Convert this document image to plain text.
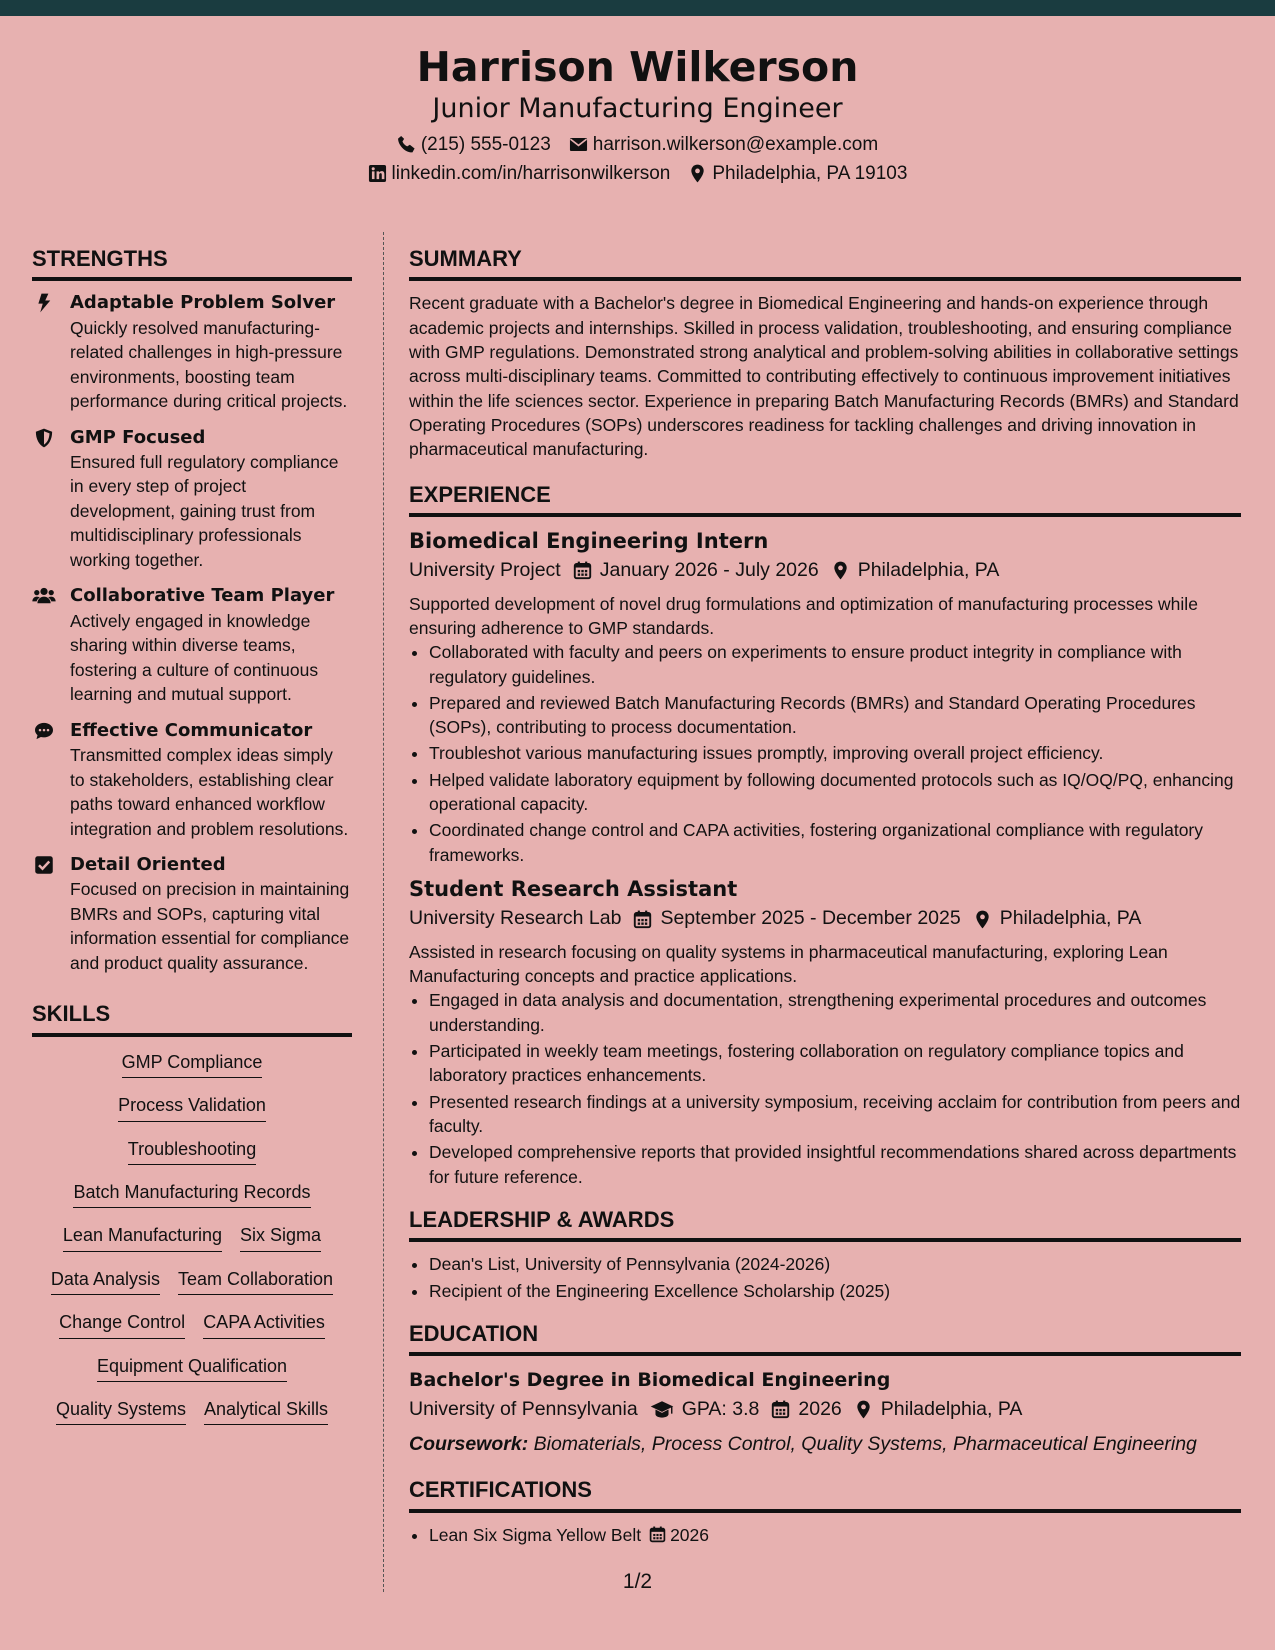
Harrison Wilkerson
Junior Manufacturing Engineer
(215) 555-0123 harrison.wilkerson@example.com
linkedin.com/in/harrisonwilkerson Philadelphia, PA 19103
STRENGTHS
Adaptable Problem Solver
Quickly resolved manufacturing-related challenges in high-pressure environments, boosting team performance during critical projects.
GMP Focused
Ensured full regulatory compliance in every step of project development, gaining trust from multidisciplinary professionals working together.
Collaborative Team Player
Actively engaged in knowledge sharing within diverse teams, fostering a culture of continuous learning and mutual support.
Effective Communicator
Transmitted complex ideas simply to stakeholders, establishing clear paths toward enhanced workflow integration and problem resolutions.
Detail Oriented
Focused on precision in maintaining BMRs and SOPs, capturing vital information essential for compliance and product quality assurance.
SKILLS
GMP Compliance
Process Validation
Troubleshooting
Batch Manufacturing Records
Lean Manufacturing Six Sigma
Data Analysis Team Collaboration
Change Control CAPA Activities
Equipment Qualification
Quality Systems Analytical Skills
SUMMARY
Recent graduate with a Bachelor's degree in Biomedical Engineering and hands-on experience through academic projects and internships. Skilled in process validation, troubleshooting, and ensuring compliance with GMP regulations. Demonstrated strong analytical and problem-solving abilities in collaborative settings across multi-disciplinary teams. Committed to contributing effectively to continuous improvement initiatives within the life sciences sector. Experience in preparing Batch Manufacturing Records (BMRs) and Standard Operating Procedures (SOPs) underscores readiness for tackling challenges and driving innovation in pharmaceutical manufacturing.
EXPERIENCE
Biomedical Engineering Intern
University Project January 2026 - July 2026 Philadelphia, PA
Supported development of novel drug formulations and optimization of manufacturing processes while ensuring adherence to GMP standards.
• Collaborated with faculty and peers on experiments to ensure product integrity in compliance with regulatory guidelines.
• Prepared and reviewed Batch Manufacturing Records (BMRs) and Standard Operating Procedures (SOPs), contributing to process documentation.
• Troubleshot various manufacturing issues promptly, improving overall project efficiency.
• Helped validate laboratory equipment by following documented protocols such as IQ/OQ/PQ, enhancing operational capacity.
• Coordinated change control and CAPA activities, fostering organizational compliance with regulatory frameworks.
Student Research Assistant
University Research Lab September 2025 - December 2025 Philadelphia, PA
Assisted in research focusing on quality systems in pharmaceutical manufacturing, exploring Lean Manufacturing concepts and practice applications.
• Engaged in data analysis and documentation, strengthening experimental procedures and outcomes understanding.
• Participated in weekly team meetings, fostering collaboration on regulatory compliance topics and laboratory practices enhancements.
• Presented research findings at a university symposium, receiving acclaim for contribution from peers and faculty.
• Developed comprehensive reports that provided insightful recommendations shared across departments for future reference.
LEADERSHIP & AWARDS
• Dean's List, University of Pennsylvania (2024-2026)
• Recipient of the Engineering Excellence Scholarship (2025)
EDUCATION
Bachelor's Degree in Biomedical Engineering
University of Pennsylvania GPA: 3.8 2026 Philadelphia, PA
Coursework: Biomaterials, Process Control, Quality Systems, Pharmaceutical Engineering
CERTIFICATIONS
• Lean Six Sigma Yellow Belt 2026
1/2
